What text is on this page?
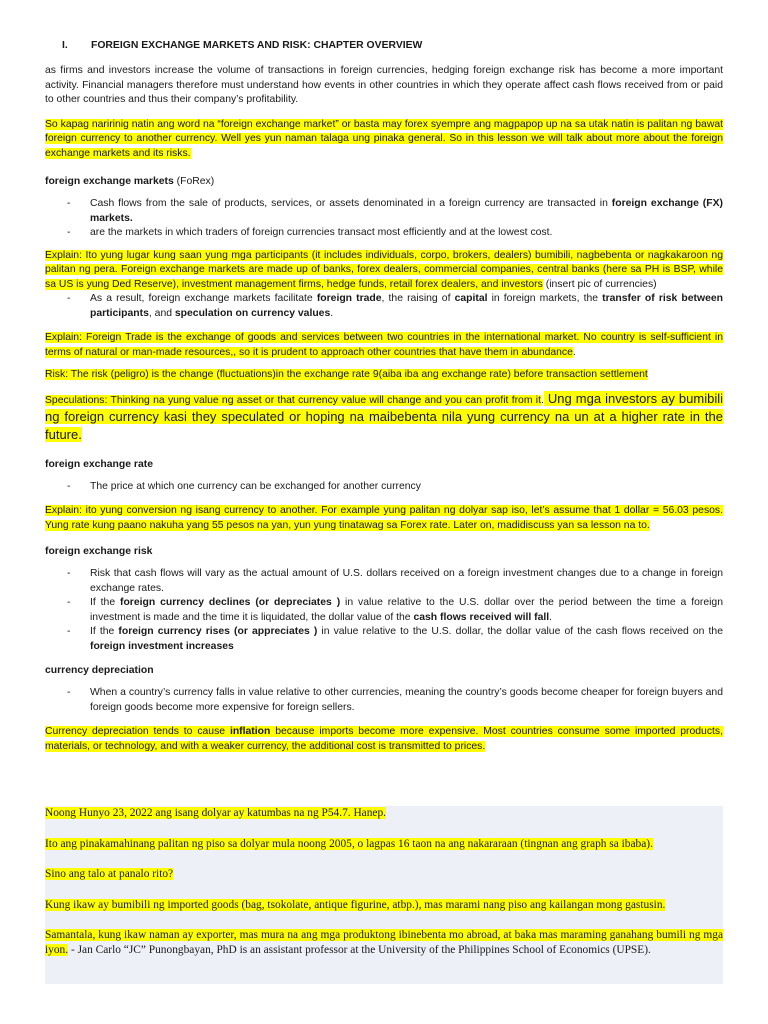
I.	FOREIGN EXCHANGE MARKETS AND RISK: CHAPTER OVERVIEW

as firms and investors increase the volume of transactions in foreign currencies, hedging foreign exchange risk has become a more important activity. Financial managers therefore must understand how events in other countries in which they operate affect cash flows received from or paid to other countries and thus their company’s profitability.

So kapag naririnig natin ang word na “foreign exchange market” or basta may forex syempre ang magpapop up na sa utak natin is palitan ng bawat foreign currency to another currency. Well yes yun naman talaga ung pinaka general. So in this lesson we will talk about more about the foreign exchange markets and its risks.

foreign exchange markets (FoRex)
- Cash flows from the sale of products, services, or assets denominated in a foreign currency are transacted in foreign exchange (FX) markets.
- are the markets in which traders of foreign currencies transact most efficiently and at the lowest cost.

Explain: Ito yung lugar kung saan yung mga participants (it includes individuals, corpo, brokers, dealers) bumibili, nagbebenta or nagkakaroon ng palitan ng pera. Foreign exchange markets are made up of banks, forex dealers, commercial companies, central banks (here sa PH is BSP, while sa US is yung Ded Reserve), investment management firms, hedge funds, retail forex dealers, and investors (insert pic of currencies)

- As a result, foreign exchange markets facilitate foreign trade, the raising of capital in foreign markets, the transfer of risk between participants, and speculation on currency values.

Explain: Foreign Trade is the exchange of goods and services between two countries in the international market. No country is self-sufficient in terms of natural or man-made resources,, so it is prudent to approach other countries that have them in abundance.

Risk: The risk (peligro) is the change (fluctuations)in the exchange rate 9(aiba iba ang exchange rate) before transaction settlement

Speculations: Thinking na yung value ng asset or that currency value will change and you can profit from it. Ung mga investors ay bumibili ng foreign currency kasi they speculated or hoping na maibebenta nila yung currency na un at a higher rate in the future.

foreign exchange rate
- The price at which one currency can be exchanged for another currency

Explain: ito yung conversion ng isang currency to another. For example yung palitan ng dolyar sap iso, let’s assume that 1 dollar = 56.03 pesos. Yung rate kung paano nakuha yang 55 pesos na yan, yun yung tinatawag sa Forex rate. Later on, madidiscuss yan sa lesson na to.

foreign exchange risk
- Risk that cash flows will vary as the actual amount of U.S. dollars received on a foreign investment changes due to a change in foreign exchange rates.
- If the foreign currency declines (or depreciates ) in value relative to the U.S. dollar over the period between the time a foreign investment is made and the time it is liquidated, the dollar value of the cash flows received will fall.
- If the foreign currency rises (or appreciates ) in value relative to the U.S. dollar, the dollar value of the cash flows received on the foreign investment increases
currency depreciation
- When a country’s currency falls in value relative to other currencies, meaning the country’s goods become cheaper for foreign buyers and foreign goods become more expensive for foreign sellers.

Currency depreciation tends to cause inflation because imports become more expensive. Most countries consume some imported products, materials, or technology, and with a weaker currency, the additional cost is transmitted to prices.

Noong Hunyo 23, 2022 ang isang dolyar ay katumbas na ng P54.7. Hanep.

Ito ang pinakamahinang palitan ng piso sa dolyar mula noong 2005, o lagpas 16 taon na ang nakararaan (tingnan ang graph sa ibaba).

Sino ang talo at panalo rito?

Kung ikaw ay bumibili ng imported goods (bag, tsokolate, antique figurine, atbp.), mas marami nang piso ang kailangan mong gastusin.

Samantala, kung ikaw naman ay exporter, mas mura na ang mga produktong ibinebenta mo abroad, at baka mas maraming ganahang bumili ng mga iyon. - Jan Carlo “JC” Punongbayan, PhD is an assistant professor at the University of the Philippines School of Economics (UPSE).
